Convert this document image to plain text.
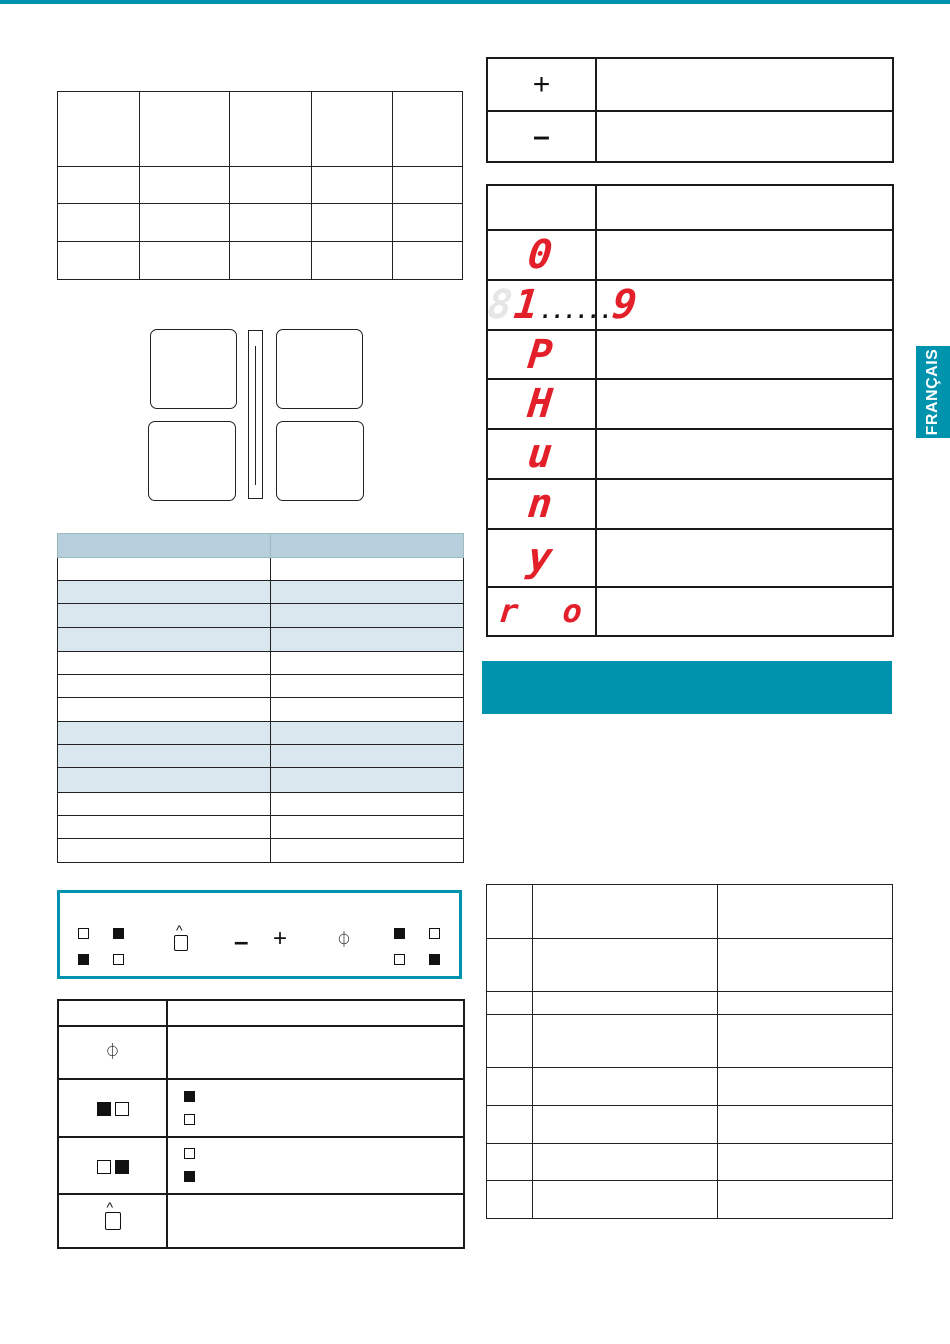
^
– +	⏀

⏀	

^	
+	
–	

0	
81......9	
P	
H	
u	
n	
y	
r o	

FRANÇAIS
